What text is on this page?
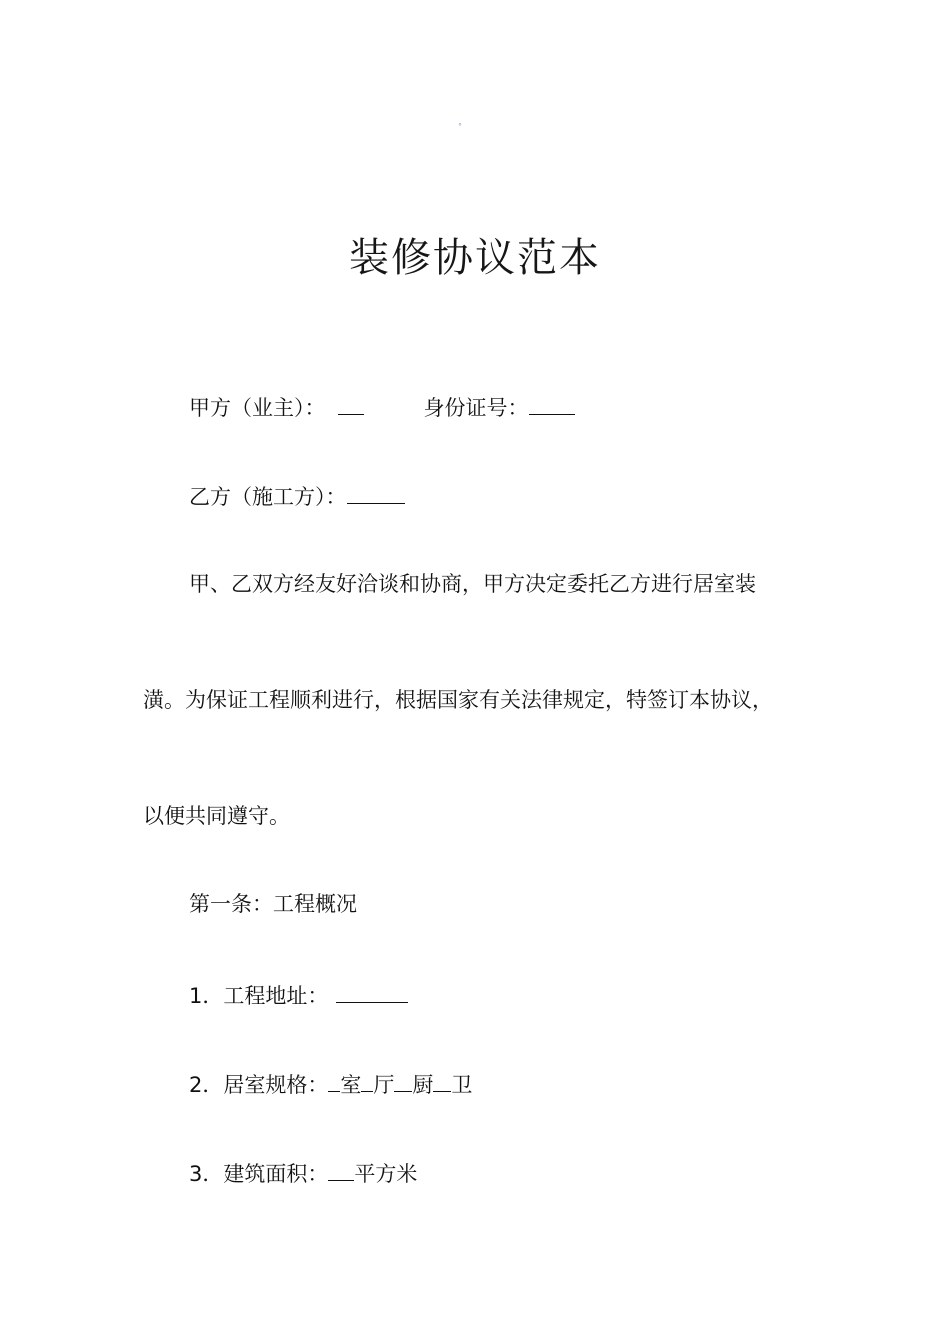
°
装修协议范本
甲方（业主）：	身份证号：
乙方（施工方）：
甲、乙双方经友好洽谈和协商，甲方决定委托乙方进行居室装
潢。为保证工程顺利进行，根据国家有关法律规定，特签订本协议，
以便共同遵守。
第一条：工程概况
1．工程地址：
2．居室规格： 室 厅 厨 卫
3．建筑面积： 平方米
